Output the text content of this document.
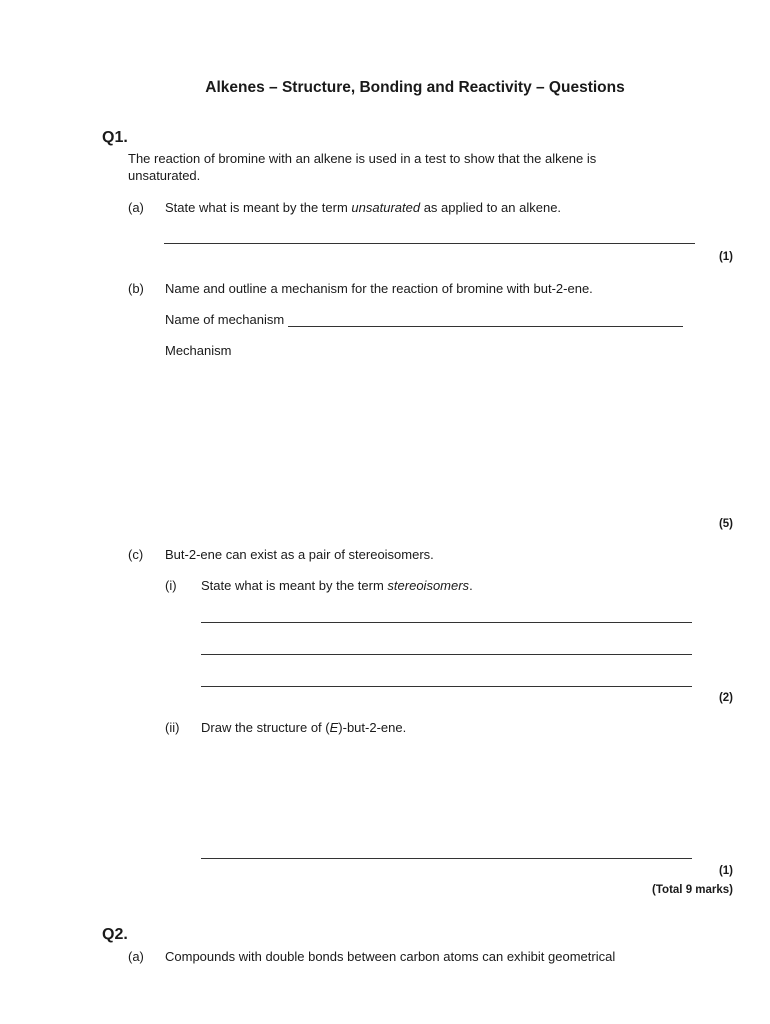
Alkenes – Structure, Bonding and Reactivity – Questions
Q1.
The reaction of bromine with an alkene is used in a test to show that the alkene is unsaturated.
(a) State what is meant by the term unsaturated as applied to an alkene.
(1)
(b) Name and outline a mechanism for the reaction of bromine with but-2-ene.
Name of mechanism
Mechanism
(5)
(c) But-2-ene can exist as a pair of stereoisomers.
(i) State what is meant by the term stereoisomers.
(2)
(ii) Draw the structure of (E)-but-2-ene.
(1)
(Total 9 marks)
Q2.
(a) Compounds with double bonds between carbon atoms can exhibit geometrical
